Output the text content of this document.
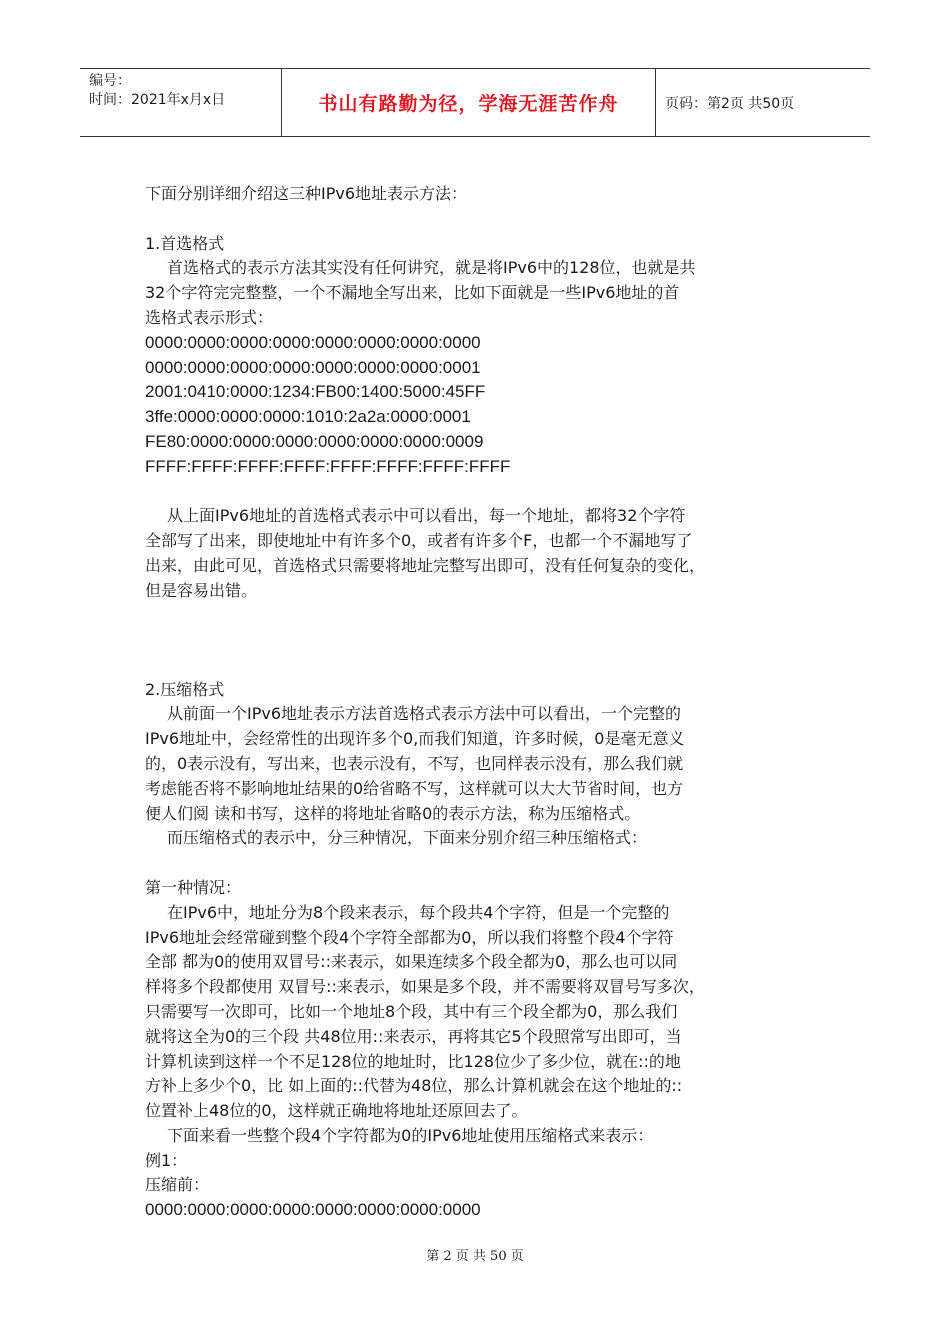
编号：
时间：2021年x月x日	书山有路勤为径，学海无涯苦作舟	页码：第2页 共50页

下面分别详细介绍这三种IPv6地址表示方法：

1.首选格式

首选格式的表示方法其实没有任何讲究，就是将IPv6中的128位，也就是共

32个字符完完整整，一个不漏地全写出来，比如下面就是一些IPv6地址的首

选格式表示形式：

0000:0000:0000:0000:0000:0000:0000:0000

0000:0000:0000:0000:0000:0000:0000:0001

2001:0410:0000:1234:FB00:1400:5000:45FF

3ffe:0000:0000:0000:1010:2a2a:0000:0001

FE80:0000:0000:0000:0000:0000:0000:0009

FFFF:FFFF:FFFF:FFFF:FFFF:FFFF:FFFF:FFFF

从上面IPv6地址的首选格式表示中可以看出，每一个地址，都将32个字符

全部写了出来，即使地址中有许多个0，或者有许多个F，也都一个不漏地写了

出来，由此可见，首选格式只需要将地址完整写出即可，没有任何复杂的变化，

但是容易出错。

2.压缩格式

从前面一个IPv6地址表示方法首选格式表示方法中可以看出，一个完整的

IPv6地址中，会经常性的出现许多个0,而我们知道，许多时候，0是毫无意义

的，0表示没有，写出来，也表示没有，不写，也同样表示没有，那么我们就

考虑能否将不影响地址结果的0给省略不写，这样就可以大大节省时间，也方

便人们阅 读和书写，这样的将地址省略0的表示方法，称为压缩格式。

而压缩格式的表示中，分三种情况，下面来分别介绍三种压缩格式：

第一种情况：

在IPv6中，地址分为8个段来表示，每个段共4个字符，但是一个完整的

IPv6地址会经常碰到整个段4个字符全部都为0，所以我们将整个段4个字符

全部 都为0的使用双冒号::来表示，如果连续多个段全都为0，那么也可以同

样将多个段都使用 双冒号::来表示，如果是多个段，并不需要将双冒号写多次，

只需要写一次即可，比如一个地址8个段，其中有三个段全都为0，那么我们

就将这全为0的三个段 共48位用::来表示，再将其它5个段照常写出即可，当

计算机读到这样一个不足128位的地址时，比128位少了多少位，就在::的地

方补上多少个0，比 如上面的::代替为48位，那么计算机就会在这个地址的::

位置补上48位的0，这样就正确地将地址还原回去了。

下面来看一些整个段4个字符都为0的IPv6地址使用压缩格式来表示：

例1：

压缩前：

0000:0000:0000:0000:0000:0000:0000:0000

第 2 页 共 50 页
